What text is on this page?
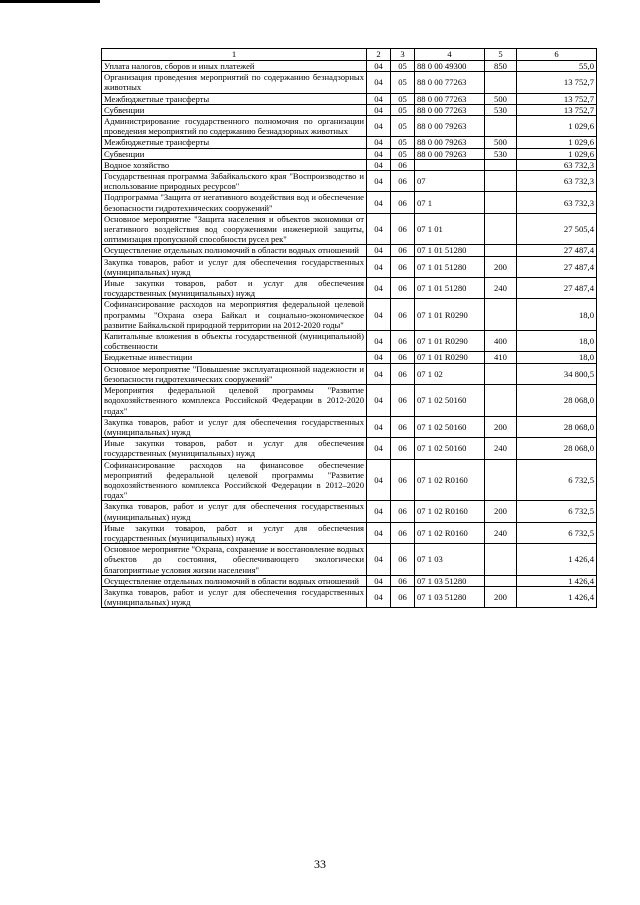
1	2	3	4	5	6
Уплата налогов, сборов и иных платежей	04	05	88 0 00 49300	850	55,0
Организация проведения мероприятий по содержанию безнадзорных животных	04	05	88 0 00 77263		13 752,7
Межбюджетные трансферты	04	05	88 0 00 77263	500	13 752,7
Субвенции	04	05	88 0 00 77263	530	13 752,7
Администрирование государственного полномочия по организации проведения мероприятий по содержанию безнадзорных животных	04	05	88 0 00 79263		1 029,6
Межбюджетные трансферты	04	05	88 0 00 79263	500	1 029,6
Субвенции	04	05	88 0 00 79263	530	1 029,6
Водное хозяйство	04	06			63 732,3
Государственная программа Забайкальского края "Воспроизводство и использование природных ресурсов"	04	06	07		63 732,3
Подпрограмма "Защита от негативного воздействия вод и обеспечение безопасности гидротехнических сооружений"	04	06	07 1		63 732,3
Основное мероприятие "Защита населения и объектов экономики от негативного воздействия вод сооружениями инженерной защиты, оптимизация пропускной способности русел рек"	04	06	07 1 01		27 505,4
Осуществление отдельных полномочий в области водных отношений	04	06	07 1 01 51280		27 487,4
Закупка товаров, работ и услуг для обеспечения государственных (муниципальных) нужд	04	06	07 1 01 51280	200	27 487,4
Иные закупки товаров, работ и услуг для обеспечения государственных (муниципальных) нужд	04	06	07 1 01 51280	240	27 487,4
Софинансирование расходов на мероприятия федеральной целевой программы "Охрана озера Байкал и социально-экономическое развитие Байкальской природной территории на 2012-2020 годы"	04	06	07 1 01 R0290		18,0
Капитальные вложения в объекты государственной (муниципальной) собственности	04	06	07 1 01 R0290	400	18,0
Бюджетные инвестиции	04	06	07 1 01 R0290	410	18,0
Основное мероприятие "Повышение эксплуатационной надежности и безопасности гидротехнических сооружений"	04	06	07 1 02		34 800,5
Мероприятия федеральной целевой программы "Развитие водохозяйственного комплекса Российской Федерации в 2012-2020 годах"	04	06	07 1 02 50160		28 068,0
Закупка товаров, работ и услуг для обеспечения государственных (муниципальных) нужд	04	06	07 1 02 50160	200	28 068,0
Иные закупки товаров, работ и услуг для обеспечения государственных (муниципальных) нужд	04	06	07 1 02 50160	240	28 068,0
Софинансирование расходов на финансовое обеспечение мероприятий федеральной целевой программы "Развитие водохозяйственного комплекса Российской Федерации в 2012–2020 годах"	04	06	07 1 02 R0160		6 732,5
Закупка товаров, работ и услуг для обеспечения государственных (муниципальных) нужд	04	06	07 1 02 R0160	200	6 732,5
Иные закупки товаров, работ и услуг для обеспечения государственных (муниципальных) нужд	04	06	07 1 02 R0160	240	6 732,5
Основное мероприятие "Охрана, сохранение и восстановление водных объектов до состояния, обеспечивающего экологически благоприятные условия жизни населения"	04	06	07 1 03		1 426,4
Осуществление отдельных полномочий в области водных отношений	04	06	07 1 03 51280		1 426,4
Закупка товаров, работ и услуг для обеспечения государственных (муниципальных) нужд	04	06	07 1 03 51280	200	1 426,4
33
